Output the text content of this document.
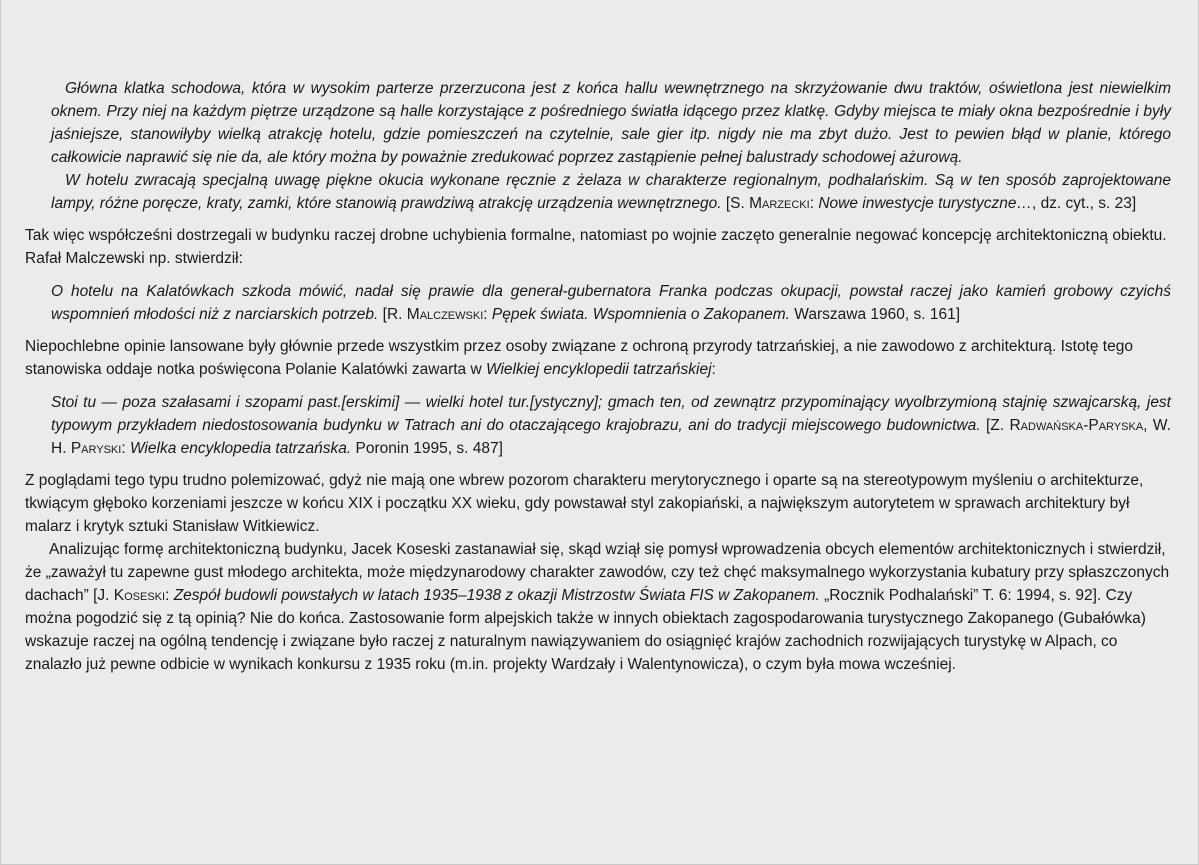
Główna klatka schodowa, która w wysokim parterze przerzucona jest z końca hallu wewnętrznego na skrzyżowanie dwu traktów, oświetlona jest niewielkim oknem. Przy niej na każdym piętrze urządzone są halle korzystające z pośredniego światła idącego przez klatkę. Gdyby miejsca te miały okna bezpośrednie i były jaśniejsze, stanowiłyby wielką atrakcję hotelu, gdzie pomieszczeń na czytelnie, sale gier itp. nigdy nie ma zbyt dużo. Jest to pewien błąd w planie, którego całkowicie naprawić się nie da, ale który można by poważnie zredukować poprzez zastąpienie pełnej balustrady schodowej ażurową.
W hotelu zwracają specjalną uwagę piękne okucia wykonane ręcznie z żelaza w charakterze regionalnym, podhalańskim. Są w ten sposób zaprojektowane lampy, różne poręcze, kraty, zamki, które stanowią prawdziwą atrakcję urządzenia wewnętrznego. [S. Marzecki: Nowe inwestycje turystyczne…, dz. cyt., s. 23]

Tak więc współcześni dostrzegali w budynku raczej drobne uchybienia formalne, natomiast po wojnie zaczęto generalnie negować koncepcję architektoniczną obiektu. Rafał Malczewski np. stwierdził:

O hotelu na Kalatówkach szkoda mówić, nadał się prawie dla generał-gubernatora Franka podczas okupacji, powstał raczej jako kamień grobowy czyichś wspomnień młodości niż z narciarskich potrzeb. [R. Malczewski: Pępek świata. Wspomnienia o Zakopanem. Warszawa 1960, s. 161]

Niepochlebne opinie lansowane były głównie przede wszystkim przez osoby związane z ochroną przyrody tatrzańskiej, a nie zawodowo z architekturą. Istotę tego stanowiska oddaje notka poświęcona Polanie Kalatówki zawarta w Wielkiej encyklopedii tatrzańskiej:

Stoi tu — poza szałasami i szopami past.[erskimi] — wielki hotel tur.[ystyczny]; gmach ten, od zewnątrz przypominający wyolbrzymioną stajnię szwajcarską, jest typowym przykładem niedostosowania budynku w Tatrach ani do otaczającego krajobrazu, ani do tradycji miejscowego budownictwa. [Z. Radwańska-Paryska, W. H. Paryski: Wielka encyklopedia tatrzańska. Poronin 1995, s. 487]

Z poglądami tego typu trudno polemizować, gdyż nie mają one wbrew pozorom charakteru merytorycznego i oparte są na stereotypowym myśleniu o architekturze, tkwiącym głęboko korzeniami jeszcze w końcu XIX i początku XX wieku, gdy powstawał styl zakopiański, a największym autorytetem w sprawach architektury był malarz i krytyk sztuki Stanisław Witkiewicz.

Analizując formę architektoniczną budynku, Jacek Koseski zastanawiał się, skąd wziął się pomysł wprowadzenia obcych elementów architektonicznych i stwierdził, że „zaważył tu zapewne gust młodego architekta, może międzynarodowy charakter zawodów, czy też chęć maksymalnego wykorzystania kubatury przy spłaszczonych dachach” [J. Koseski: Zespół budowli powstałych w latach 1935–1938 z okazji Mistrzostw Świata FIS w Zakopanem. „Rocznik Podhalański” T. 6: 1994, s. 92]. Czy można pogodzić się z tą opinią? Nie do końca. Zastosowanie form alpejskich także w innych obiektach zagospodarowania turystycznego Zakopanego (Gubałówka) wskazuje raczej na ogólną tendencję i związane było raczej z naturalnym nawiązywaniem do osiągnięć krajów zachodnich rozwijających turystykę w Alpach, co znalazło już pewne odbicie w wynikach konkursu z 1935 roku (m.in. projekty Wardzały i Walentynowicza), o czym była mowa wcześniej.
